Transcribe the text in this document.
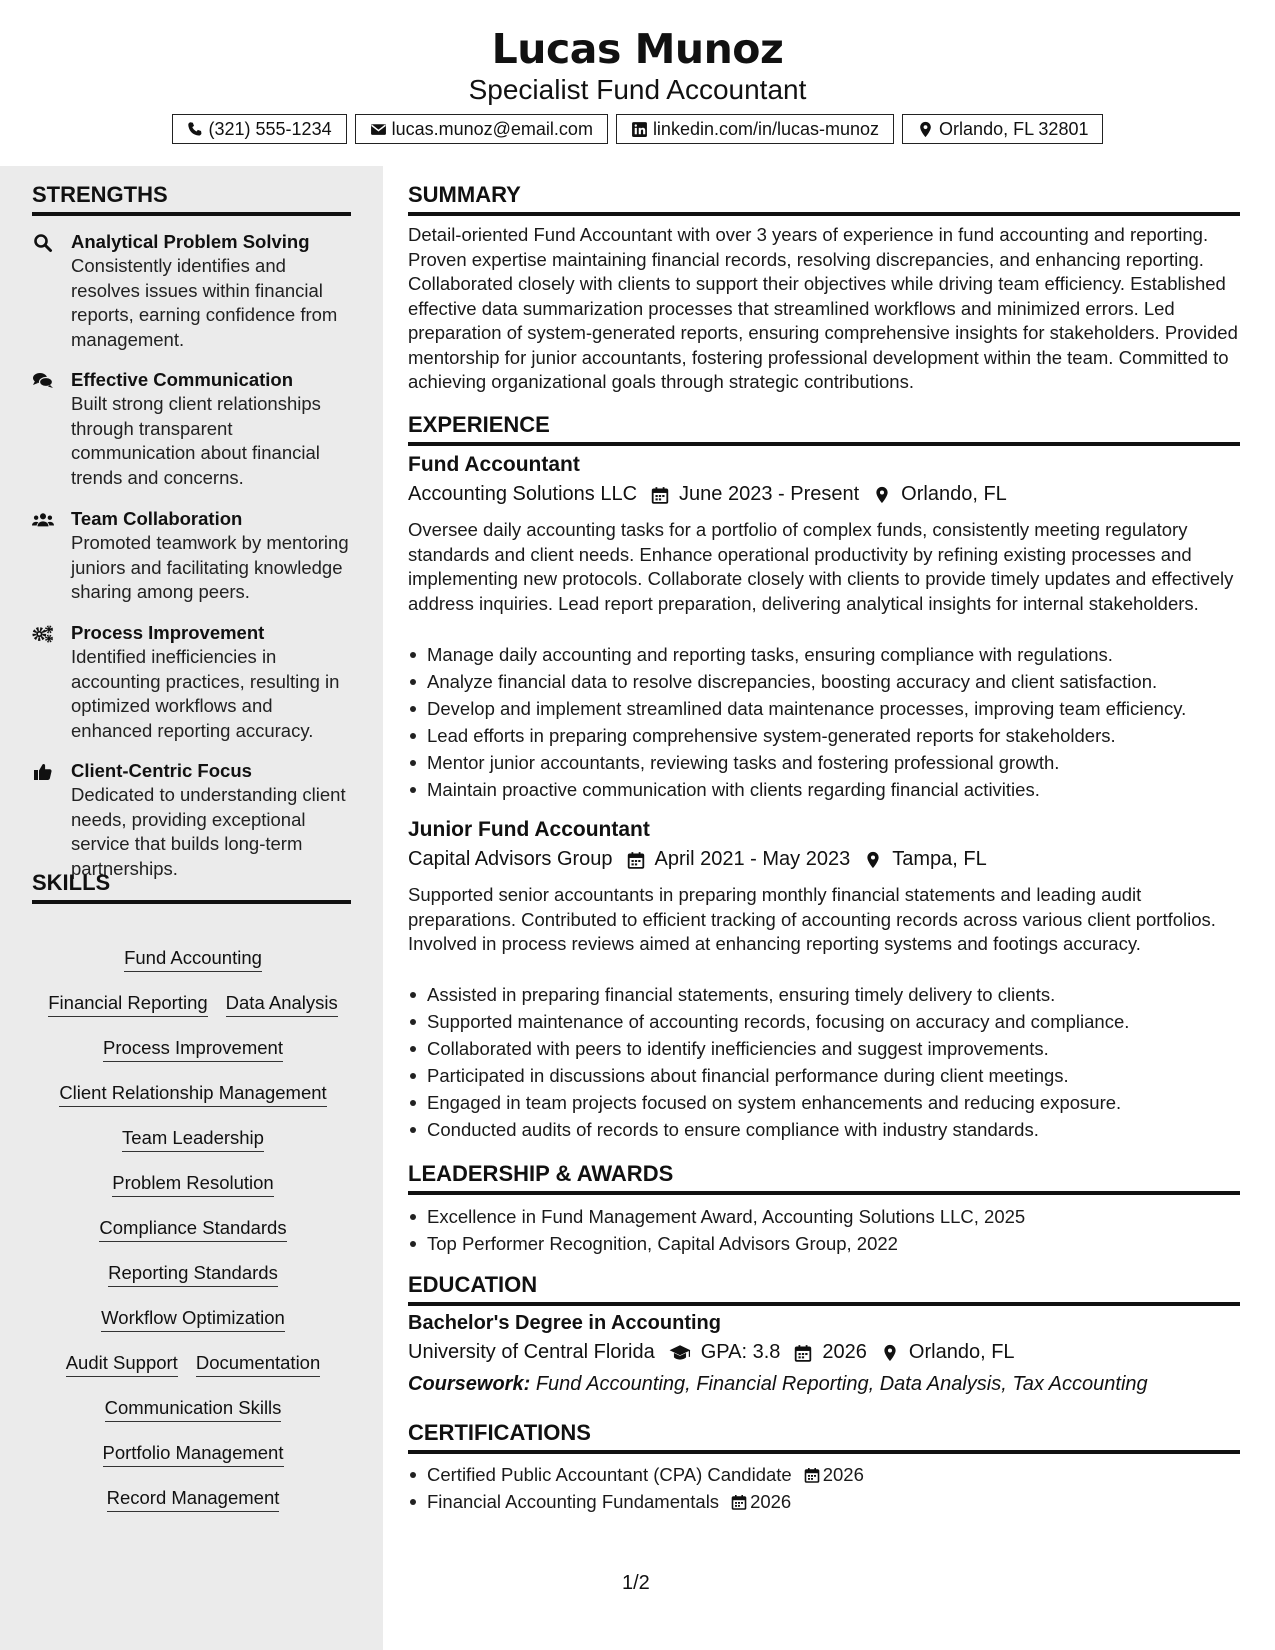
Lucas Munoz
Specialist Fund Accountant
(321) 555-1234	lucas.munoz@email.com	linkedin.com/in/lucas-munoz	Orlando, FL 32801
STRENGTHS
Analytical Problem Solving
Consistently identifies and resolves issues within financial reports, earning confidence from management.
Effective Communication
Built strong client relationships through transparent communication about financial trends and concerns.
Team Collaboration
Promoted teamwork by mentoring juniors and facilitating knowledge sharing among peers.
Process Improvement
Identified inefficiencies in accounting practices, resulting in optimized workflows and enhanced reporting accuracy.
Client-Centric Focus
Dedicated to understanding client needs, providing exceptional service that builds long-term partnerships.
SKILLS
Fund Accounting
Financial Reporting Data Analysis
Process Improvement
Client Relationship Management
Team Leadership
Problem Resolution
Compliance Standards
Reporting Standards
Workflow Optimization
Audit Support Documentation
Communication Skills
Portfolio Management
Record Management
SUMMARY
Detail-oriented Fund Accountant with over 3 years of experience in fund accounting and reporting. Proven expertise maintaining financial records, resolving discrepancies, and enhancing reporting. Collaborated closely with clients to support their objectives while driving team efficiency. Established effective data summarization processes that streamlined workflows and minimized errors. Led preparation of system-generated reports, ensuring comprehensive insights for stakeholders. Provided mentorship for junior accountants, fostering professional development within the team. Committed to achieving organizational goals through strategic contributions.
EXPERIENCE
Fund Accountant
Accounting Solutions LLC June 2023 - Present Orlando, FL
Oversee daily accounting tasks for a portfolio of complex funds, consistently meeting regulatory standards and client needs. Enhance operational productivity by refining existing processes and implementing new protocols. Collaborate closely with clients to provide timely updates and effectively address inquiries. Lead report preparation, delivering analytical insights for internal stakeholders.
Manage daily accounting and reporting tasks, ensuring compliance with regulations.
Analyze financial data to resolve discrepancies, boosting accuracy and client satisfaction.
Develop and implement streamlined data maintenance processes, improving team efficiency.
Lead efforts in preparing comprehensive system-generated reports for stakeholders.
Mentor junior accountants, reviewing tasks and fostering professional growth.
Maintain proactive communication with clients regarding financial activities.
Junior Fund Accountant
Capital Advisors Group April 2021 - May 2023 Tampa, FL
Supported senior accountants in preparing monthly financial statements and leading audit preparations. Contributed to efficient tracking of accounting records across various client portfolios. Involved in process reviews aimed at enhancing reporting systems and footings accuracy.
Assisted in preparing financial statements, ensuring timely delivery to clients.
Supported maintenance of accounting records, focusing on accuracy and compliance.
Collaborated with peers to identify inefficiencies and suggest improvements.
Participated in discussions about financial performance during client meetings.
Engaged in team projects focused on system enhancements and reducing exposure.
Conducted audits of records to ensure compliance with industry standards.
LEADERSHIP & AWARDS
Excellence in Fund Management Award, Accounting Solutions LLC, 2025
Top Performer Recognition, Capital Advisors Group, 2022
EDUCATION
Bachelor's Degree in Accounting
University of Central Florida GPA: 3.8 2026 Orlando, FL
Coursework: Fund Accounting, Financial Reporting, Data Analysis, Tax Accounting
CERTIFICATIONS
Certified Public Accountant (CPA) Candidate 2026
Financial Accounting Fundamentals 2026
1/2
